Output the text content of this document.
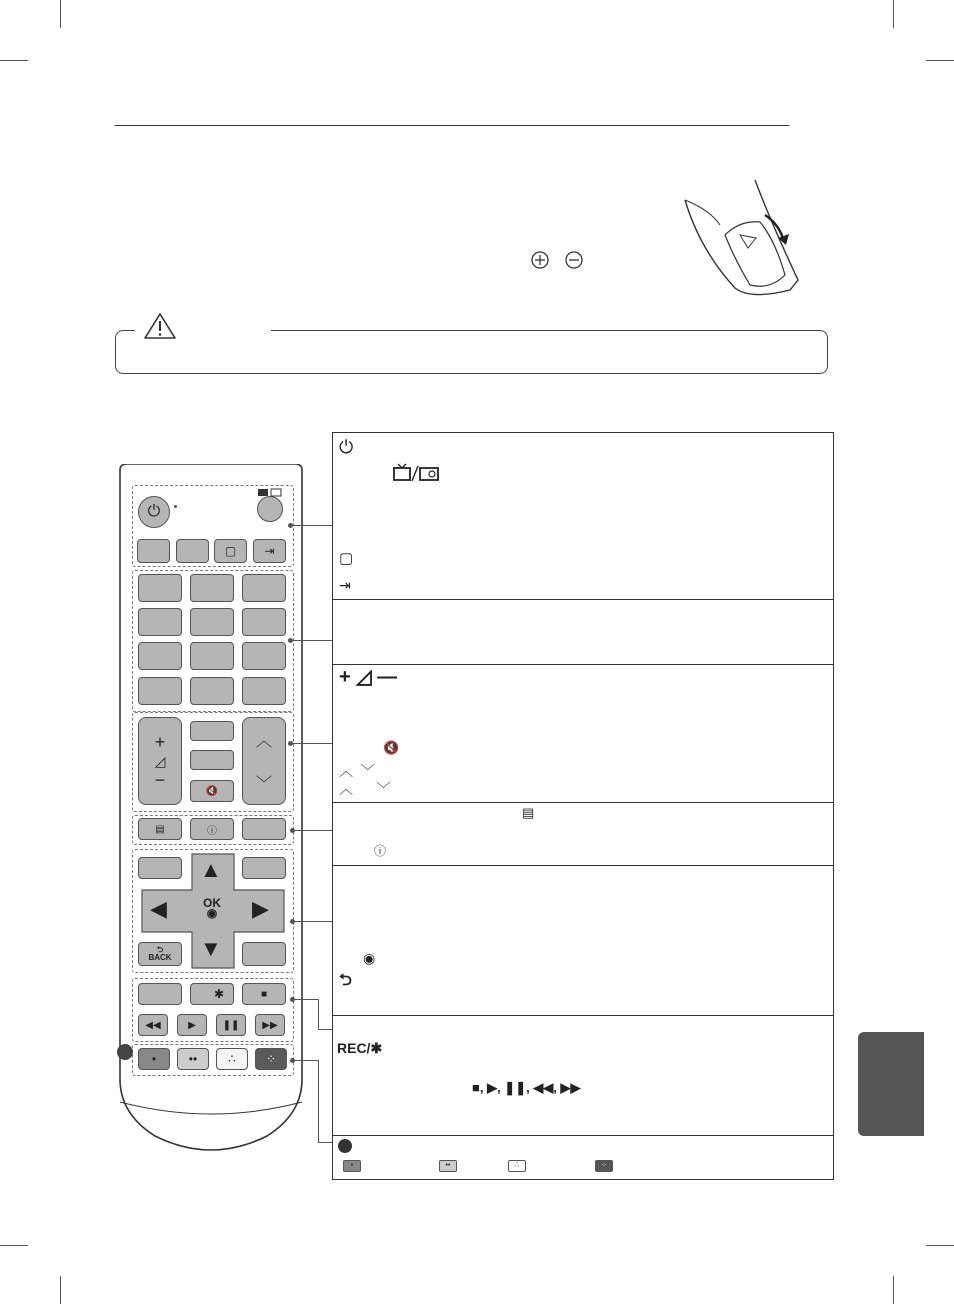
⏻
▢	⇥
+
◿
−
🔇
︿
﹀
▤	ⓘ
▲
▼
◀	▶
OK
◉
⮌
BACK
✱	■
◀◀	▶	❚❚	▶▶
•	••	∴	⁘
⏻
▢
⇥
+ ◿ —
🔇
︿  ﹀
︿      ﹀
▤
ⓘ
◉
⮌
REC/✱
■, ▶, ❚❚, ◀◀, ▶▶
•	••	∴	⁘
